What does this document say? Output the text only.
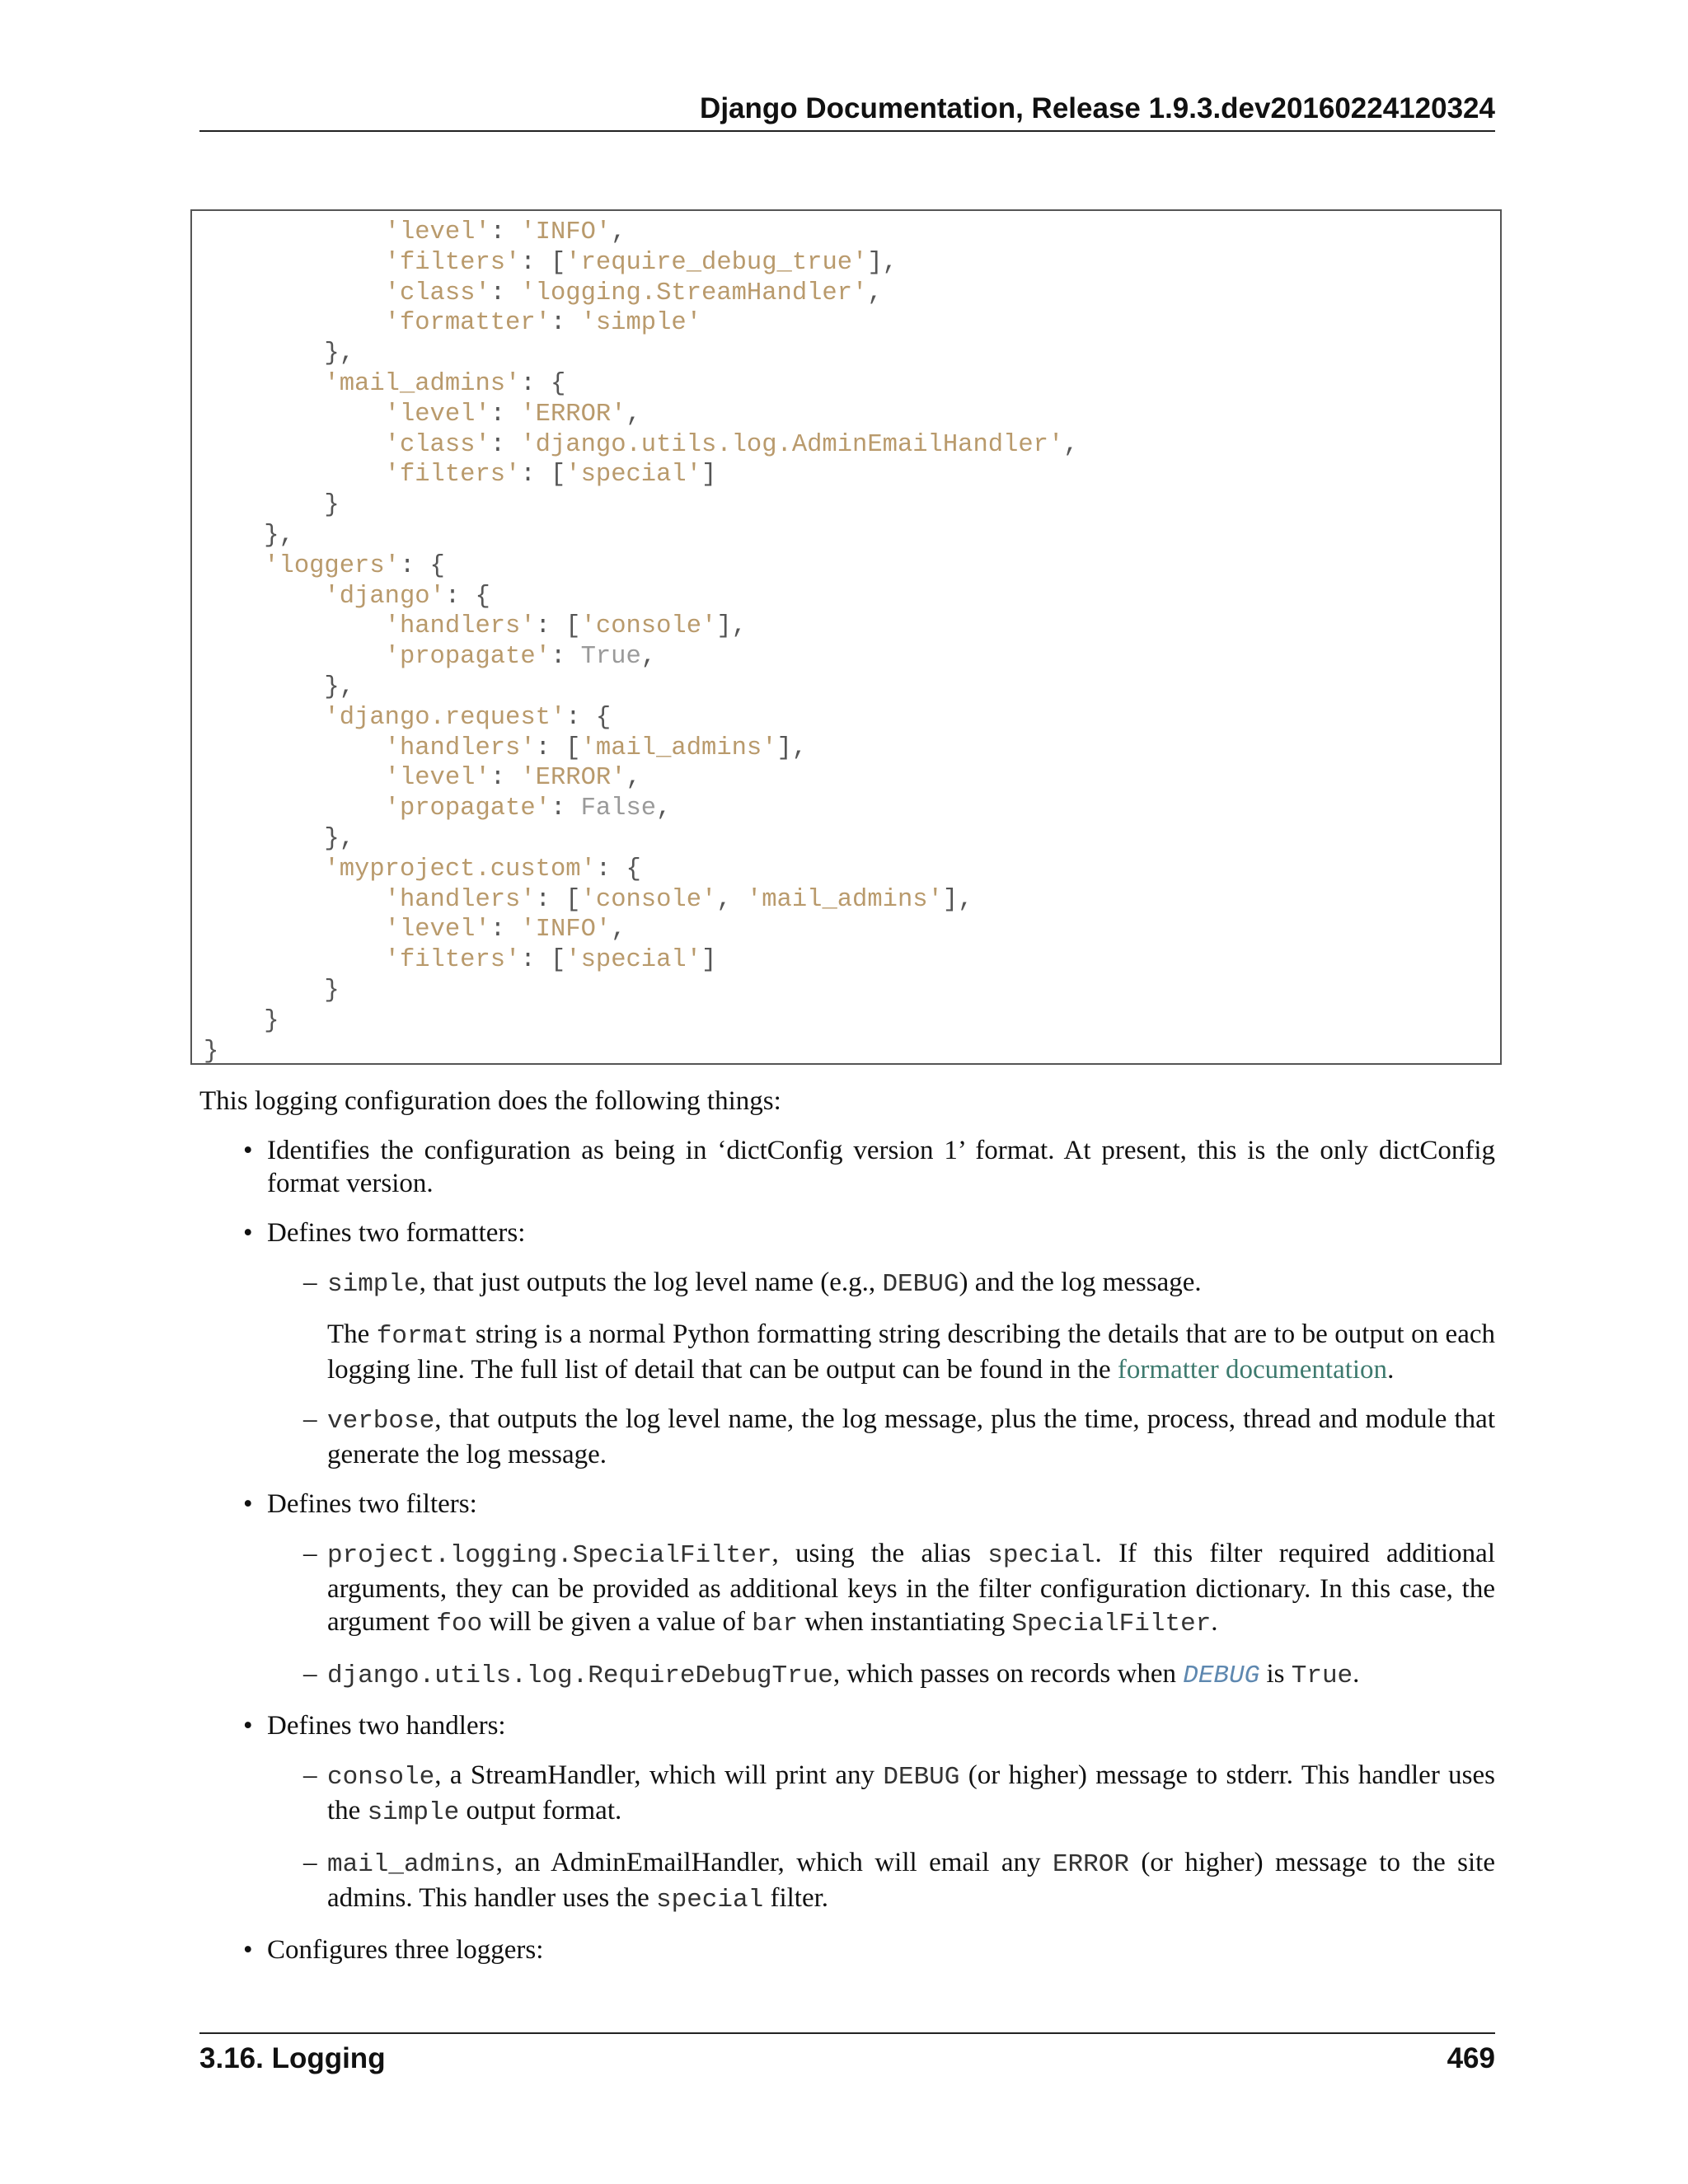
Django Documentation, Release 1.9.3.dev20160224120324
'level': 'INFO',
'filters': ['require_debug_true'],
'class': 'logging.StreamHandler',
'formatter': 'simple'
},
'mail_admins': {
'level': 'ERROR',
'class': 'django.utils.log.AdminEmailHandler',
'filters': ['special']
}
},
'loggers': {
'django': {
'handlers': ['console'],
'propagate': True,
},
'django.request': {
'handlers': ['mail_admins'],
'level': 'ERROR',
'propagate': False,
},
'myproject.custom': {
'handlers': ['console', 'mail_admins'],
'level': 'INFO',
'filters': ['special']
}
}
}

This logging configuration does the following things:

• Identifies the configuration as being in ‘dictConfig version 1’ format. At present, this is the only dictConfig format version.
• Defines two formatters:
– simple, that just outputs the log level name (e.g., DEBUG) and the log message.

The format string is a normal Python formatting string describing the details that are to be output on each logging line. The full list of detail that can be output can be found in the formatter documentation.

– verbose, that outputs the log level name, the log message, plus the time, process, thread and module that generate the log message.
• Defines two filters:
– project.logging.SpecialFilter, using the alias special. If this filter required additional arguments, they can be provided as additional keys in the filter configuration dictionary. In this case, the argument foo will be given a value of bar when instantiating SpecialFilter.
– django.utils.log.RequireDebugTrue, which passes on records when DEBUG is True.
• Defines two handlers:
– console, a StreamHandler, which will print any DEBUG (or higher) message to stderr. This handler uses the simple output format.
– mail_admins, an AdminEmailHandler, which will email any ERROR (or higher) message to the site admins. This handler uses the special filter.
• Configures three loggers:
3.16. Logging	469
